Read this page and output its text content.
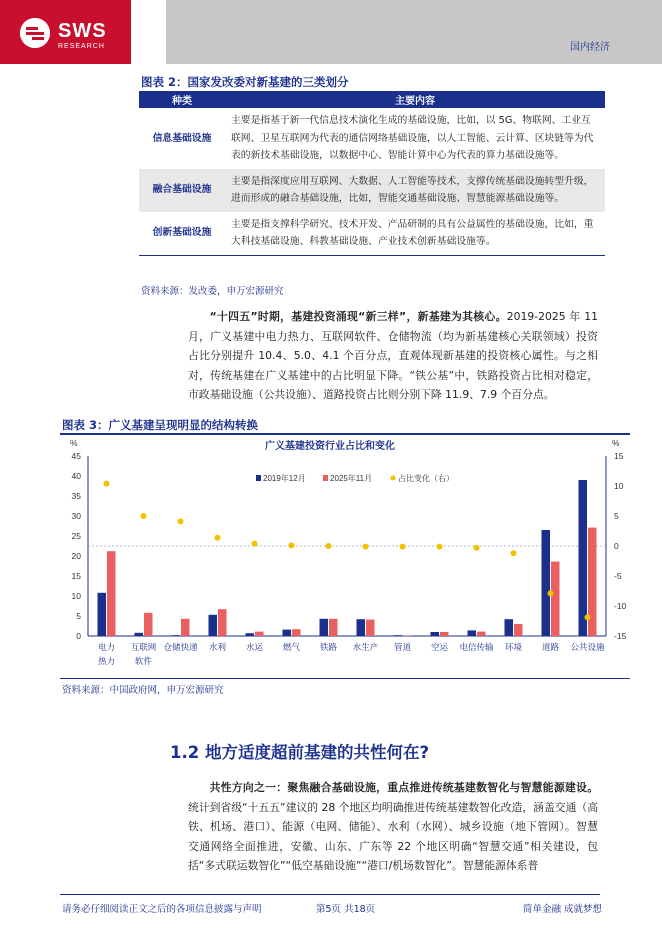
SWS
RESEARCH	国内经济
图表 2：国家发改委对新基建的三类划分
种类	主要内容
信息基础设施	主要是指基于新一代信息技术演化生成的基础设施，比如，以 5G、物联网、工业互联网、卫星互联网为代表的通信网络基础设施，以人工智能、云计算、区块链等为代表的新技术基础设施，以数据中心、智能计算中心为代表的算力基础设施等。
融合基础设施	主要是指深度应用互联网、大数据、人工智能等技术，支撑传统基础设施转型升级，进而形成的融合基础设施，比如，智能交通基础设施、智慧能源基础设施等。
创新基础设施	主要是指支撑科学研究、技术开发、产品研制的具有公益属性的基础设施，比如，重大科技基础设施、科教基础设施、产业技术创新基础设施等。
资料来源：发改委，申万宏源研究
“十四五”时期，基建投资涌现“新三样”，新基建为其核心。2019-2025 年 11 月，广义基建中电力热力、互联网软件、仓储物流（均为新基建核心关联领域）投资占比分别提升 10.4、5.0、4.1 个百分点，直观体现新基建的投资核心属性。与之相对，传统基建在广义基建中的占比明显下降。“铁公基”中，铁路投资占比相对稳定，市政基础设施（公共设施）、道路投资占比则分别下降 11.9、7.9 个百分点。
图表 3：广义基建呈现明显的结构转换
广义基建投资行业占比和变化
%	%
0
5
10
15
20
25
30
35
40
45
-15
-10
-5
0
5
10
15
电力
热力
互联网
软件
仓储快递 水利 水运 燃气 铁路 水生产 管道 空运 电信传输 环境 道路 公共设施
2019年12月	2025年11月	占比变化（右）
资料来源：中国政府网，申万宏源研究
1.2 地方适度超前基建的共性何在?
共性方向之一：聚焦融合基础设施，重点推进传统基建数智化与智慧能源建设。统计到省级“十五五”建议的 28 个地区均明确推进传统基建数智化改造，涵盖交通（高铁、机场、港口）、能源（电网、储能）、水利（水网）、城乡设施（地下管网）。智慧交通网络全面推进，安徽、山东、广东等 22 个地区明确“智慧交通”相关建设，包括“多式联运数智化”“低空基础设施”“港口/机场数智化”。智慧能源体系普
请务必仔细阅读正文之后的各项信息披露与声明	第5页 共18页	简单金融 成就梦想
